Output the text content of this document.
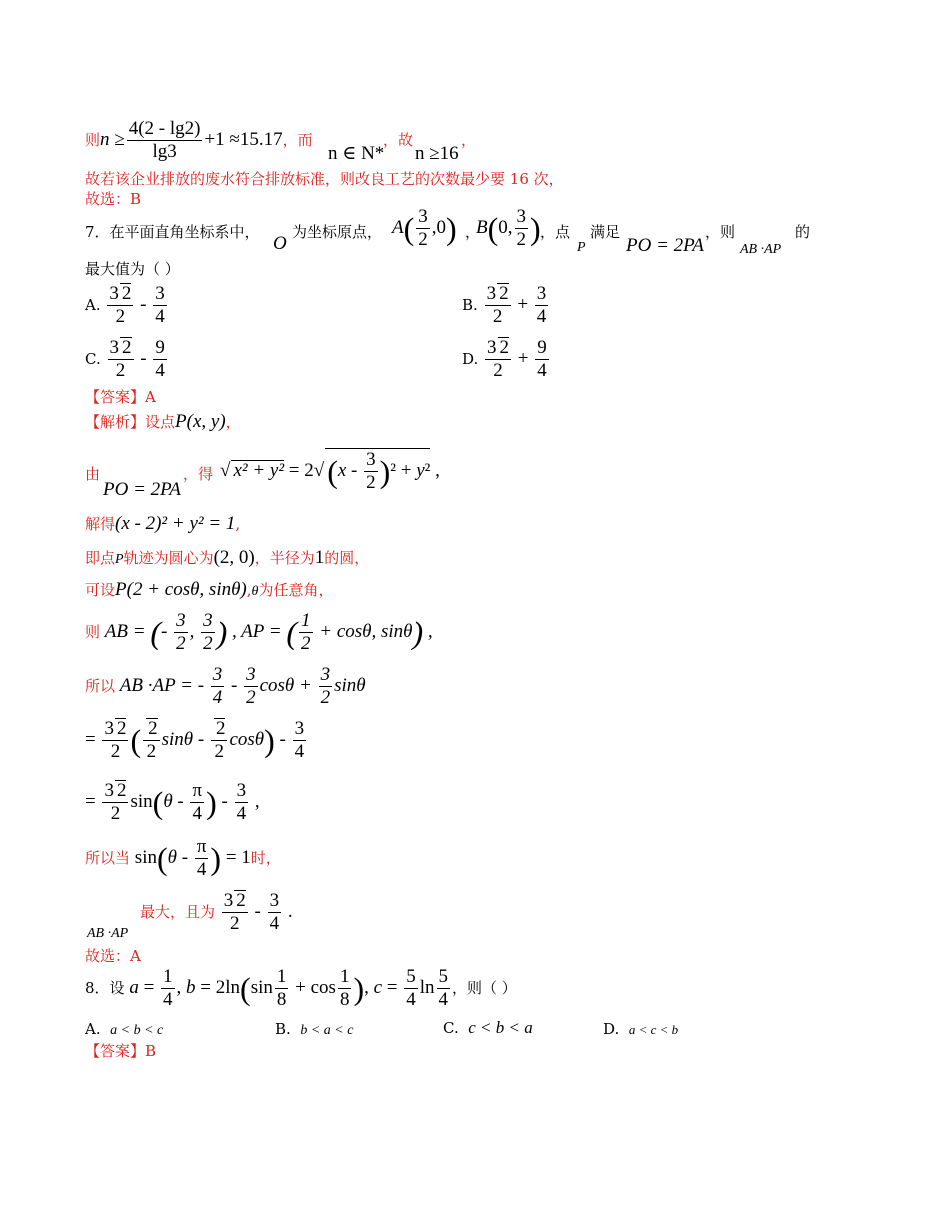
则$n \ge \frac{4(2 - \lg 2)}{\lg 3} +1 \approx 15.17$，而
n ∈ N*
，故
n ≥16
，
故若该企业排放的废水符合排放标准，则改良工艺的次数最少要 16 次，
故选：B
7．在平面直角坐标系中，
O
为坐标原点， $A( \frac{3}{2} ,0)$ ，
B(0, $\frac{3}{2}$ ) ，点
P
满足
PO = 2PA
，则
AB ·AP
的
最大值为（ ）
A. $\frac{3 2}{2} - \frac{3}{4}$	B. $\frac{3 2}{2} + \frac{3}{4}$
C. $\frac{3 2}{2} - \frac{9}{4}$	D. $\frac{3 2}{2} + \frac{9}{4}$
【答案】A
【解析】设点P(x, y)，
由
PO = 2PA
，得 √ $x^2 + y^2 = 2√(x - \frac{3}{2} )^2 + y^2$ ,
解得(x - 2)² + y² = 1,
即点P轨迹为圆心为(2, 0)，半径为1的圆，
可设P(2 + cosθ, sinθ),θ为任意角，
则 AB = (- $\frac{3}{2}$ , $\frac{3}{2}$ ) , AP = ( $\frac{1}{2} + \cos\theta$, sinθ) ,
所以 AB ·AP = - $\frac{3}{4} - \frac{3}{2}$ $\cos\theta + \frac{3}{2}$ sinθ
= $\frac{3 2}{2}$ ( $\frac{2}{2}$ sinθ - $\frac{2}{2} \cos\theta) - \frac{3}{4}$
= $\frac{3 2}{2} \sin(\theta - \frac{\pi}{4}$ ) - $\frac{3}{4}$ ,
所以当 $\sin(\theta - \frac{\pi}{4}$ ) = 1时，
AB ·AP
最大，且为 $\frac{3 2}{2} - \frac{3}{4}$ .
故选：A
8．设 $a = \frac{1}{4}$ , $b = 2\ln(\sin \frac{1}{8} + \cos \frac{1}{8}$ ), $c = \frac{5}{4}$ $\ln \frac{5}{4}$ ，则（ ）
A. a < b < c	B. b < a < c	C. c < b < a	D. a < c < b
【答案】B
